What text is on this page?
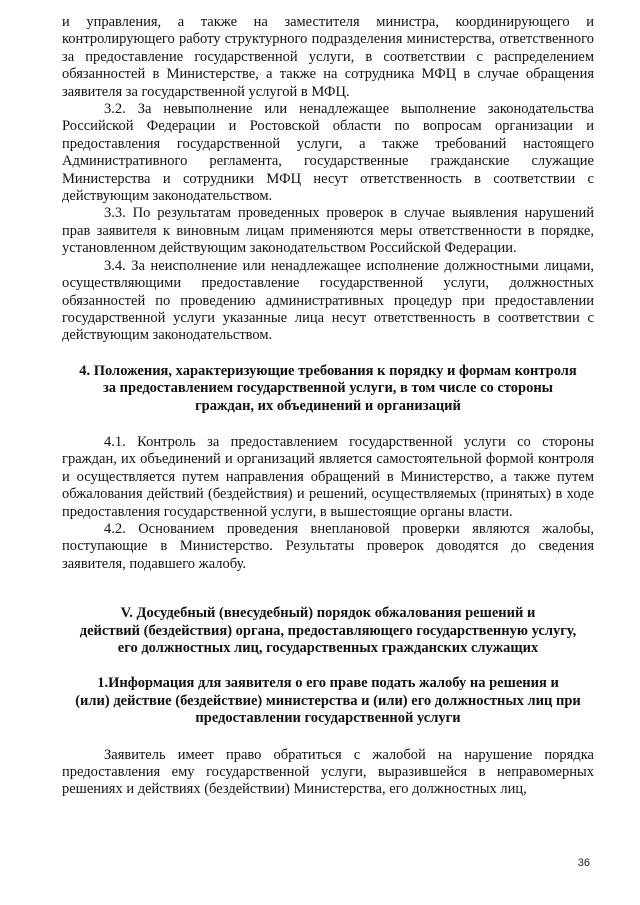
и управления, а также на заместителя министра, координирующего и контролирующего работу структурного подразделения министерства, ответственного за предоставление государственной услуги, в соответствии с распределением обязанностей в Министерстве, а также на сотрудника МФЦ в случае обращения заявителя за государственной услугой в МФЦ.

3.2. За невыполнение или ненадлежащее выполнение законодательства Российской Федерации и Ростовской области по вопросам организации и предоставления государственной услуги, а также требований настоящего Административного регламента, государственные гражданские служащие Министерства и сотрудники МФЦ несут ответственность в соответствии с действующим законодательством.

3.3. По результатам проведенных проверок в случае выявления нарушений прав заявителя к виновным лицам применяются меры ответственности в порядке, установленном действующим законодательством Российской Федерации.

3.4. За неисполнение или ненадлежащее исполнение должностными лицами, осуществляющими предоставление государственной услуги, должностных обязанностей по проведению административных процедур при предоставлении государственной услуги указанные лица несут ответственность в соответствии с действующим законодательством.

4. Положения, характеризующие требования к порядку и формам контроля
за предоставлением государственной услуги, в том числе со стороны
граждан, их объединений и организаций

4.1. Контроль за предоставлением государственной услуги со стороны граждан, их объединений и организаций является самостоятельной формой контроля и осуществляется путем направления обращений в Министерство, а также путем обжалования действий (бездействия) и решений, осуществляемых (принятых) в ходе предоставления государственной услуги, в вышестоящие органы власти.

4.2. Основанием проведения внеплановой проверки являются жалобы, поступающие в Министерство. Результаты проверок доводятся до сведения заявителя, подавшего жалобу.

V. Досудебный (внесудебный) порядок обжалования решений и
действий (бездействия) органа, предоставляющего государственную услугу,
его должностных лиц, государственных гражданских служащих
1.Информация для заявителя о его праве подать жалобу на решения и
(или) действие (бездействие) министерства и (или) его должностных лиц при
предоставлении государственной услуги

Заявитель имеет право обратиться с жалобой на нарушение порядка предоставления ему государственной услуги, выразившейся в неправомерных решениях и действиях (бездействии) Министерства, его должностных лиц,

36
